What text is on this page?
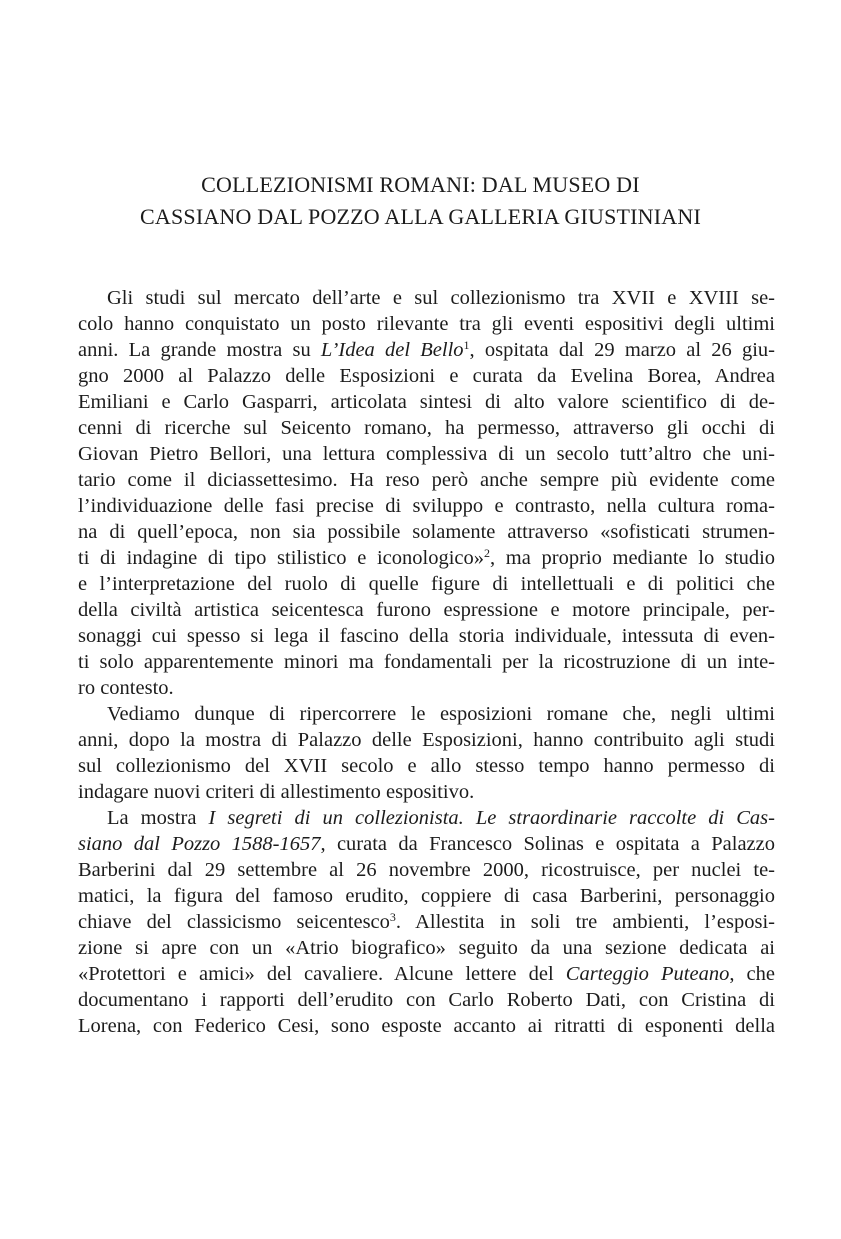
COLLEZIONISMI ROMANI: DAL MUSEO DI
CASSIANO DAL POZZO ALLA GALLERIA GIUSTINIANI
Gli studi sul mercato dell’arte e sul collezionismo tra XVII e XVIII se-
colo hanno conquistato un posto rilevante tra gli eventi espositivi degli ultimi
anni. La grande mostra su L’Idea del Bello$^1$, ospitata dal 29 marzo al 26 giu-
gno 2000 al Palazzo delle Esposizioni e curata da Evelina Borea, Andrea
Emiliani e Carlo Gasparri, articolata sintesi di alto valore scientifico di de-
cenni di ricerche sul Seicento romano, ha permesso, attraverso gli occhi di
Giovan Pietro Bellori, una lettura complessiva di un secolo tutt’altro che uni-
tario come il diciassettesimo. Ha reso però anche sempre più evidente come
l’individuazione delle fasi precise di sviluppo e contrasto, nella cultura roma-
na di quell’epoca, non sia possibile solamente attraverso «sofisticati strumen-
ti di indagine di tipo stilistico e iconologico»$^2$, ma proprio mediante lo studio
e l’interpretazione del ruolo di quelle figure di intellettuali e di politici che
della civiltà artistica seicentesca furono espressione e motore principale, per-
sonaggi cui spesso si lega il fascino della storia individuale, intessuta di even-
ti solo apparentemente minori ma fondamentali per la ricostruzione di un inte-
ro contesto.
Vediamo dunque di ripercorrere le esposizioni romane che, negli ultimi
anni, dopo la mostra di Palazzo delle Esposizioni, hanno contribuito agli studi
sul collezionismo del XVII secolo e allo stesso tempo hanno permesso di
indagare nuovi criteri di allestimento espositivo.
La mostra I segreti di un collezionista. Le straordinarie raccolte di Cas-
siano dal Pozzo 1588-1657, curata da Francesco Solinas e ospitata a Palazzo
Barberini dal 29 settembre al 26 novembre 2000, ricostruisce, per nuclei te-
matici, la figura del famoso erudito, coppiere di casa Barberini, personaggio
chiave del classicismo seicentesco$^3$. Allestita in soli tre ambienti, l’esposi-
zione si apre con un «Atrio biografico» seguito da una sezione dedicata ai
«Protettori e amici» del cavaliere. Alcune lettere del Carteggio Puteano, che
documentano i rapporti dell’erudito con Carlo Roberto Dati, con Cristina di
Lorena, con Federico Cesi, sono esposte accanto ai ritratti di esponenti della
